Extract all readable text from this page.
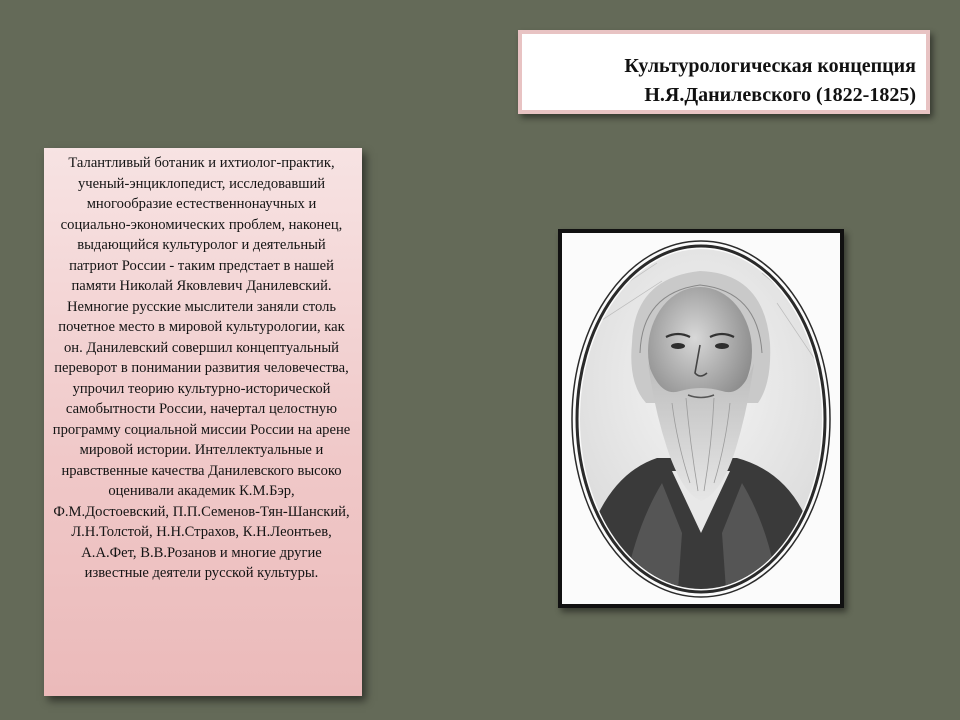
Культурологическая концепция
Н.Я.Данилевского (1822-1825)

Талантливый ботаник и ихтиолог-практик, ученый-энциклопедист, исследовавший многообразие естественнонаучных и социально-экономических проблем, наконец, выдающийся культуролог и деятельный патриот России - таким предстает в нашей памяти Николай Яковлевич Данилевский. Немногие русские мыслители заняли столь почетное место в мировой культурологии, как он. Данилевский совершил концептуальный переворот в понимании развития человечества, упрочил теорию культурно-исторической самобытности России, начертал целостную программу социальной миссии России на арене мировой истории. Интеллектуальные и нравственные качества Данилевского высоко оценивали академик К.М.Бэр, Ф.М.Достоевский, П.П.Семенов-Тян-Шанский, Л.Н.Толстой, Н.Н.Страхов, К.Н.Леонтьев, А.А.Фет, В.В.Розанов и многие другие известные деятели русской культуры.
